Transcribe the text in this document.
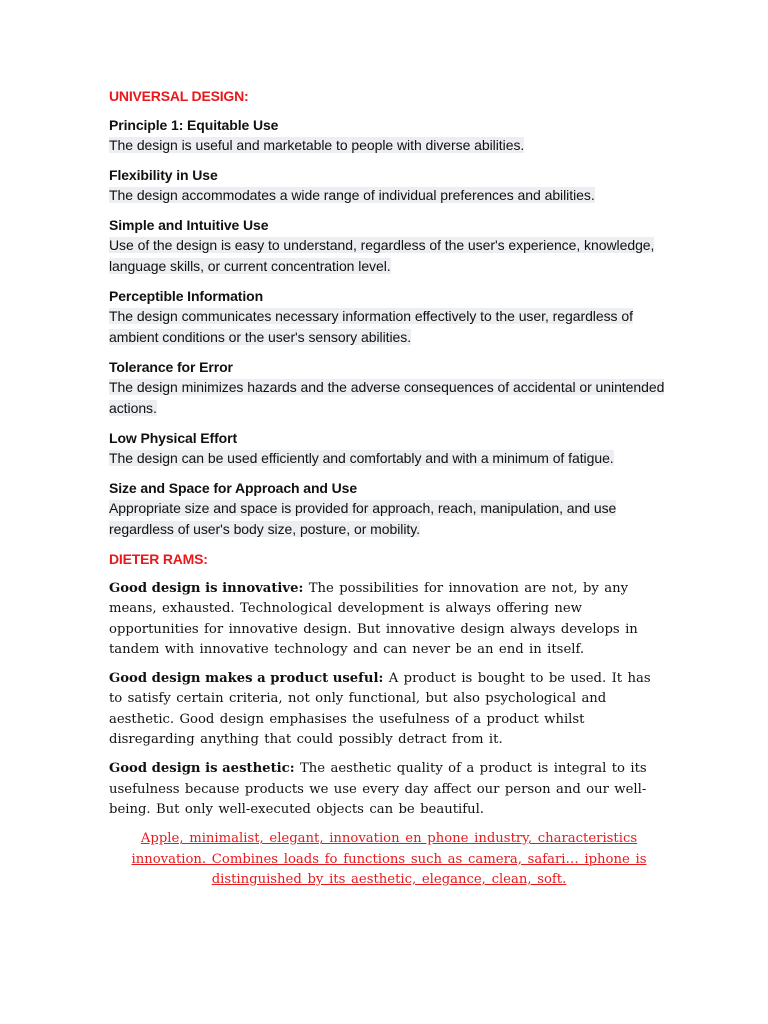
UNIVERSAL DESIGN:
Principle 1: Equitable Use
The design is useful and marketable to people with diverse abilities.
Flexibility in Use
The design accommodates a wide range of individual preferences and abilities.
Simple and Intuitive Use
Use of the design is easy to understand, regardless of the user's experience, knowledge, language skills, or current concentration level.
Perceptible Information
The design communicates necessary information effectively to the user, regardless of ambient conditions or the user's sensory abilities.
Tolerance for Error
The design minimizes hazards and the adverse consequences of accidental or unintended actions.
Low Physical Effort
The design can be used efficiently and comfortably and with a minimum of fatigue.
Size and Space for Approach and Use
Appropriate size and space is provided for approach, reach, manipulation, and use regardless of user's body size, posture, or mobility.
DIETER RAMS:

Good design is innovative: The possibilities for innovation are not, by any means, exhausted. Technological development is always offering new opportunities for innovative design. But innovative design always develops in tandem with innovative technology and can never be an end in itself.

Good design makes a product useful: A product is bought to be used. It has to satisfy certain criteria, not only functional, but also psychological and aesthetic. Good design emphasises the usefulness of a product whilst disregarding anything that could possibly detract from it.

Good design is aesthetic: The aesthetic quality of a product is integral to its usefulness because products we use every day affect our person and our well-being. But only well-executed objects can be beautiful.

Apple, minimalist, elegant, innovation en phone industry, characteristics innovation. Combines loads fo functions such as camera, safari… iphone is distinguished by its aesthetic, elegance, clean, soft.
